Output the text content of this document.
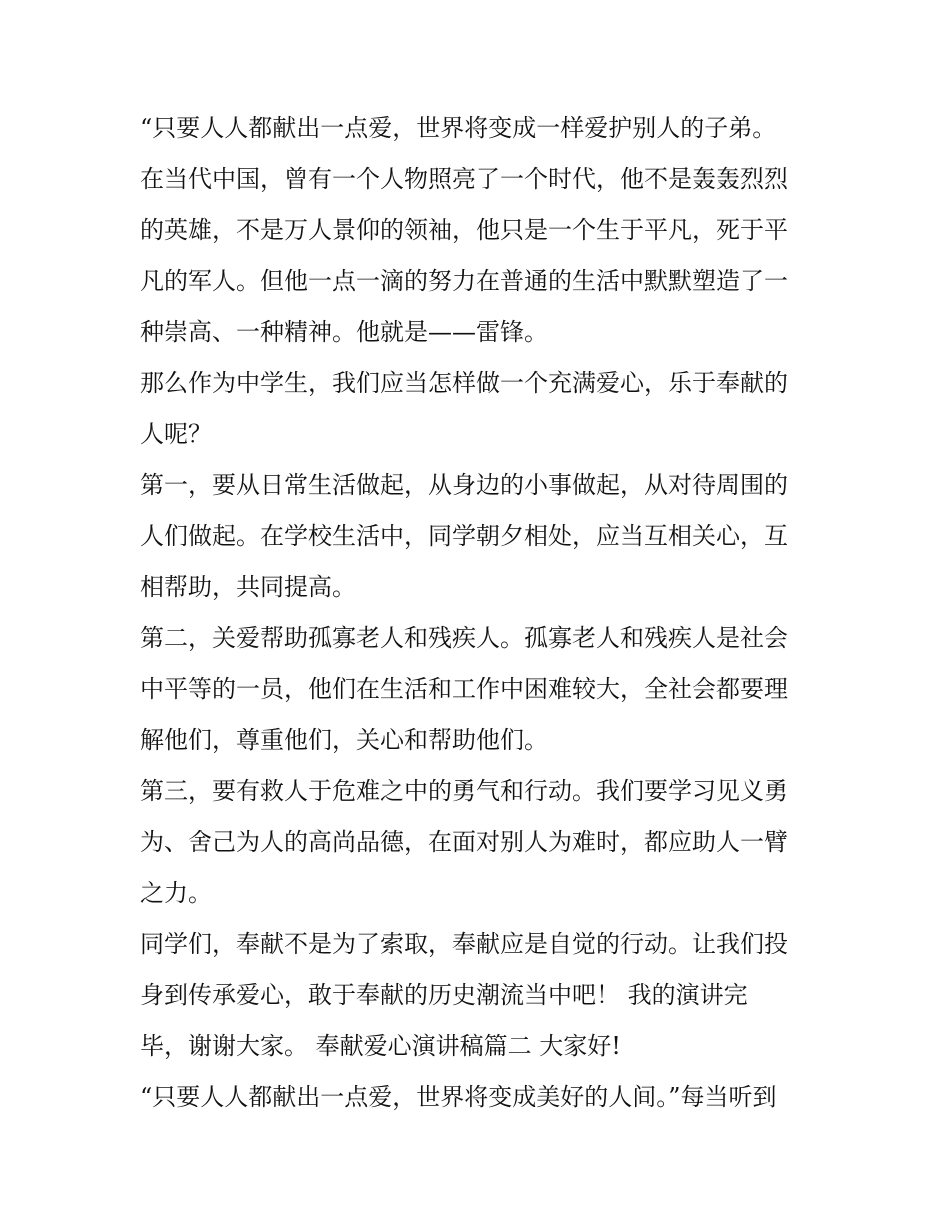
“只要人人都献出一点爱，世界将变成一样爱护别人的子弟。
在当代中国，曾有一个人物照亮了一个时代，他不是轰轰烈烈
的英雄，不是万人景仰的领袖，他只是一个生于平凡，死于平
凡的军人。但他一点一滴的努力在普通的生活中默默塑造了一
种崇高、一种精神。他就是——雷锋。
那么作为中学生，我们应当怎样做一个充满爱心，乐于奉献的
人呢？
第一，要从日常生活做起，从身边的小事做起，从对待周围的
人们做起。在学校生活中，同学朝夕相处，应当互相关心，互
相帮助，共同提高。
第二，关爱帮助孤寡老人和残疾人。孤寡老人和残疾人是社会
中平等的一员，他们在生活和工作中困难较大，全社会都要理
解他们，尊重他们，关心和帮助他们。
第三，要有救人于危难之中的勇气和行动。我们要学习见义勇
为、舍己为人的高尚品德，在面对别人为难时，都应助人一臂
之力。
同学们，奉献不是为了索取，奉献应是自觉的行动。让我们投
身到传承爱心，敢于奉献的历史潮流当中吧！ 我的演讲完
毕，谢谢大家。 奉献爱心演讲稿篇二 大家好!
“只要人人都献出一点爱，世界将变成美好的人间。”每当听到
